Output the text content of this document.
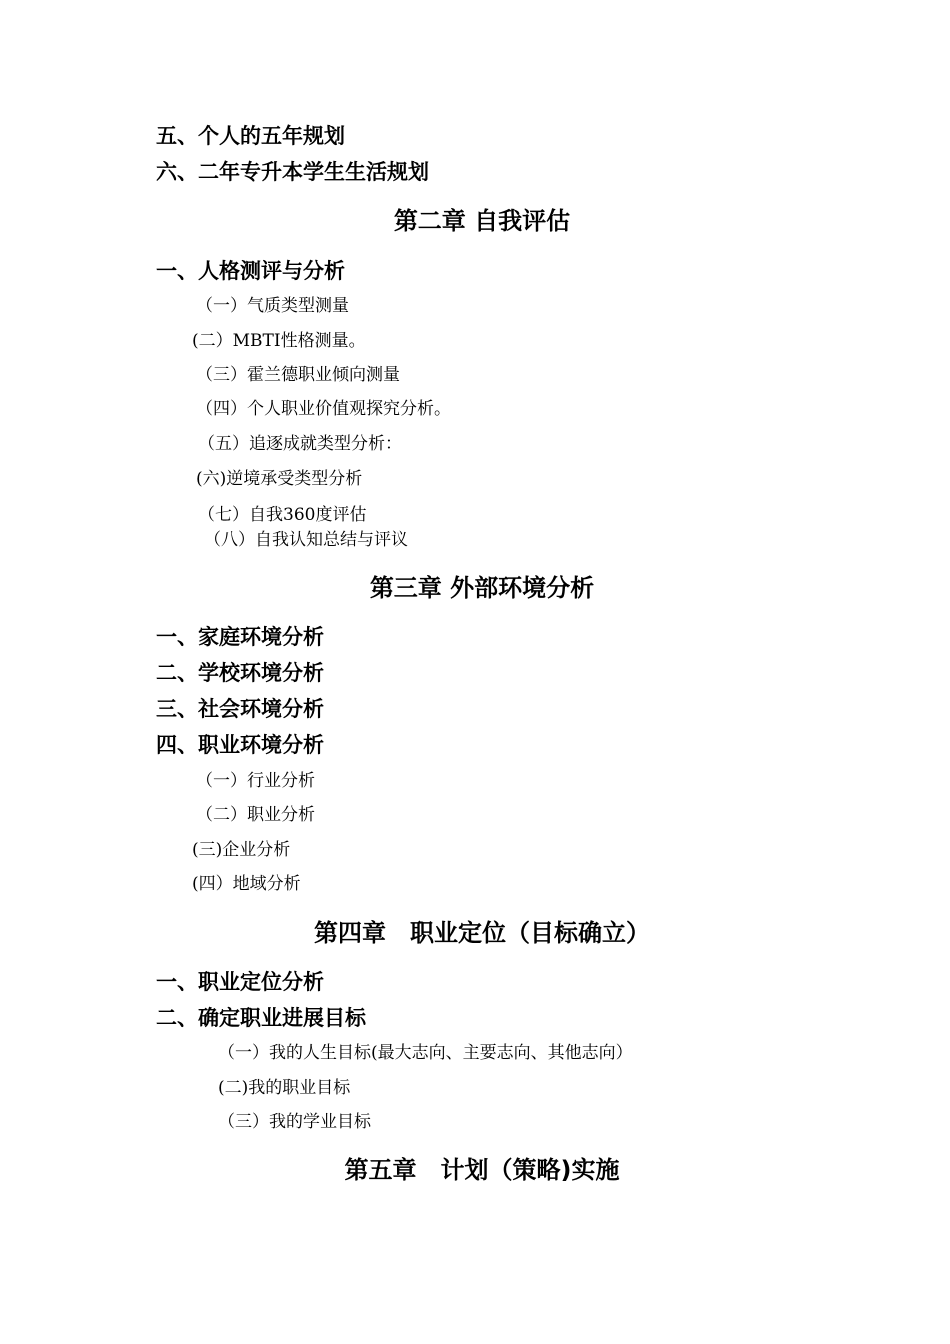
五、个人的五年规划
六、二年专升本学生生活规划
第二章 自我评估
一、人格测评与分析
（一）气质类型测量
(二）MBTI性格测量。
（三）霍兰德职业倾向测量
（四）个人职业价值观探究分析。
（五）追逐成就类型分析：
(六)逆境承受类型分析
（七）自我360度评估
（八）自我认知总结与评议
第三章 外部环境分析
一、家庭环境分析
二、学校环境分析
三、社会环境分析
四、职业环境分析
（一）行业分析
（二）职业分析
(三)企业分析
(四）地域分析
第四章　职业定位（目标确立）
一、职业定位分析
二、确定职业进展目标
（一）我的人生目标(最大志向、主要志向、其他志向）
(二)我的职业目标
（三）我的学业目标
第五章　计划（策略)实施
